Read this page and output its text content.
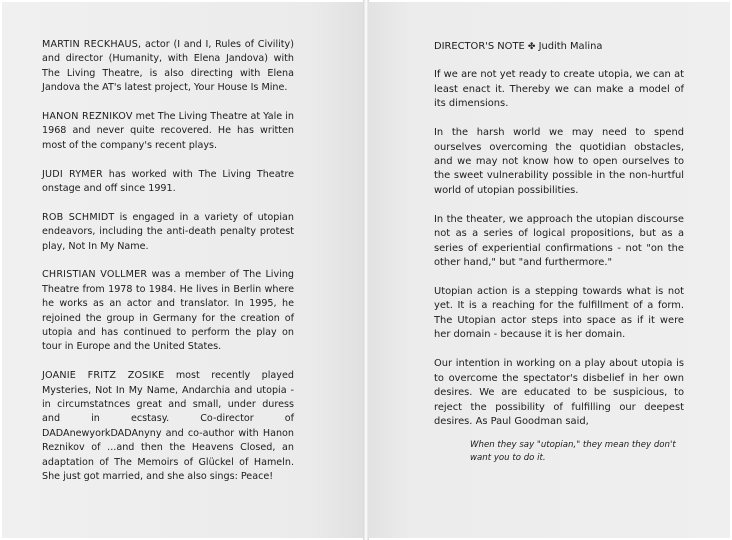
MARTIN RECKHAUS, actor (I and I, Rules of Civility) and director (Humanity, with Elena Jandova) with The Living Theatre, is also directing with Elena Jandova the AT's latest project, Your House Is Mine.

HANON REZNIKOV met The Living Theatre at Yale in 1968 and never quite recovered. He has written most of the company's recent plays.

JUDI RYMER has worked with The Living Theatre onstage and off since 1991.

ROB SCHMIDT is engaged in a variety of utopian endeavors, including the anti-death penalty protest play, Not In My Name.

CHRISTIAN VOLLMER was a member of The Living Theatre from 1978 to 1984. He lives in Berlin where he works as an actor and translator. In 1995, he rejoined the group in Germany for the creation of utopia and has continued to perform the play on tour in Europe and the United States.

JOANIE FRITZ ZOSIKE most recently played Mysteries, Not In My Name, Andarchia and utopia - in circumstatnces great and small, under duress and in ecstasy. Co-director of DADAnewyorkDADAnyny and co-author with Hanon Reznikov of ...and then the Heavens Closed, an adaptation of The Memoirs of Glückel of Hameln. She just got married, and she also sings: Peace!

DIRECTOR'S NOTE ✤ Judith Malina

If we are not yet ready to create utopia, we can at least enact it. Thereby we can make a model of its dimensions.

In the harsh world we may need to spend ourselves overcoming the quotidian obstacles, and we may not know how to open ourselves to the sweet vulnerability possible in the non-hurtful world of utopian possibilities.

In the theater, we approach the utopian discourse not as a series of logical propositions, but as a series of experiential confirmations - not "on the other hand," but "and furthermore."

Utopian action is a stepping towards what is not yet. It is a reaching for the fulfillment of a form. The Utopian actor steps into space as if it were her domain - because it is her domain.

Our intention in working on a play about utopia is to overcome the spectator's disbelief in her own desires. We are educated to be suspicious, to reject the possibility of fulfilling our deepest desires. As Paul Goodman said,

When they say "utopian," they mean they don't want you to do it.
